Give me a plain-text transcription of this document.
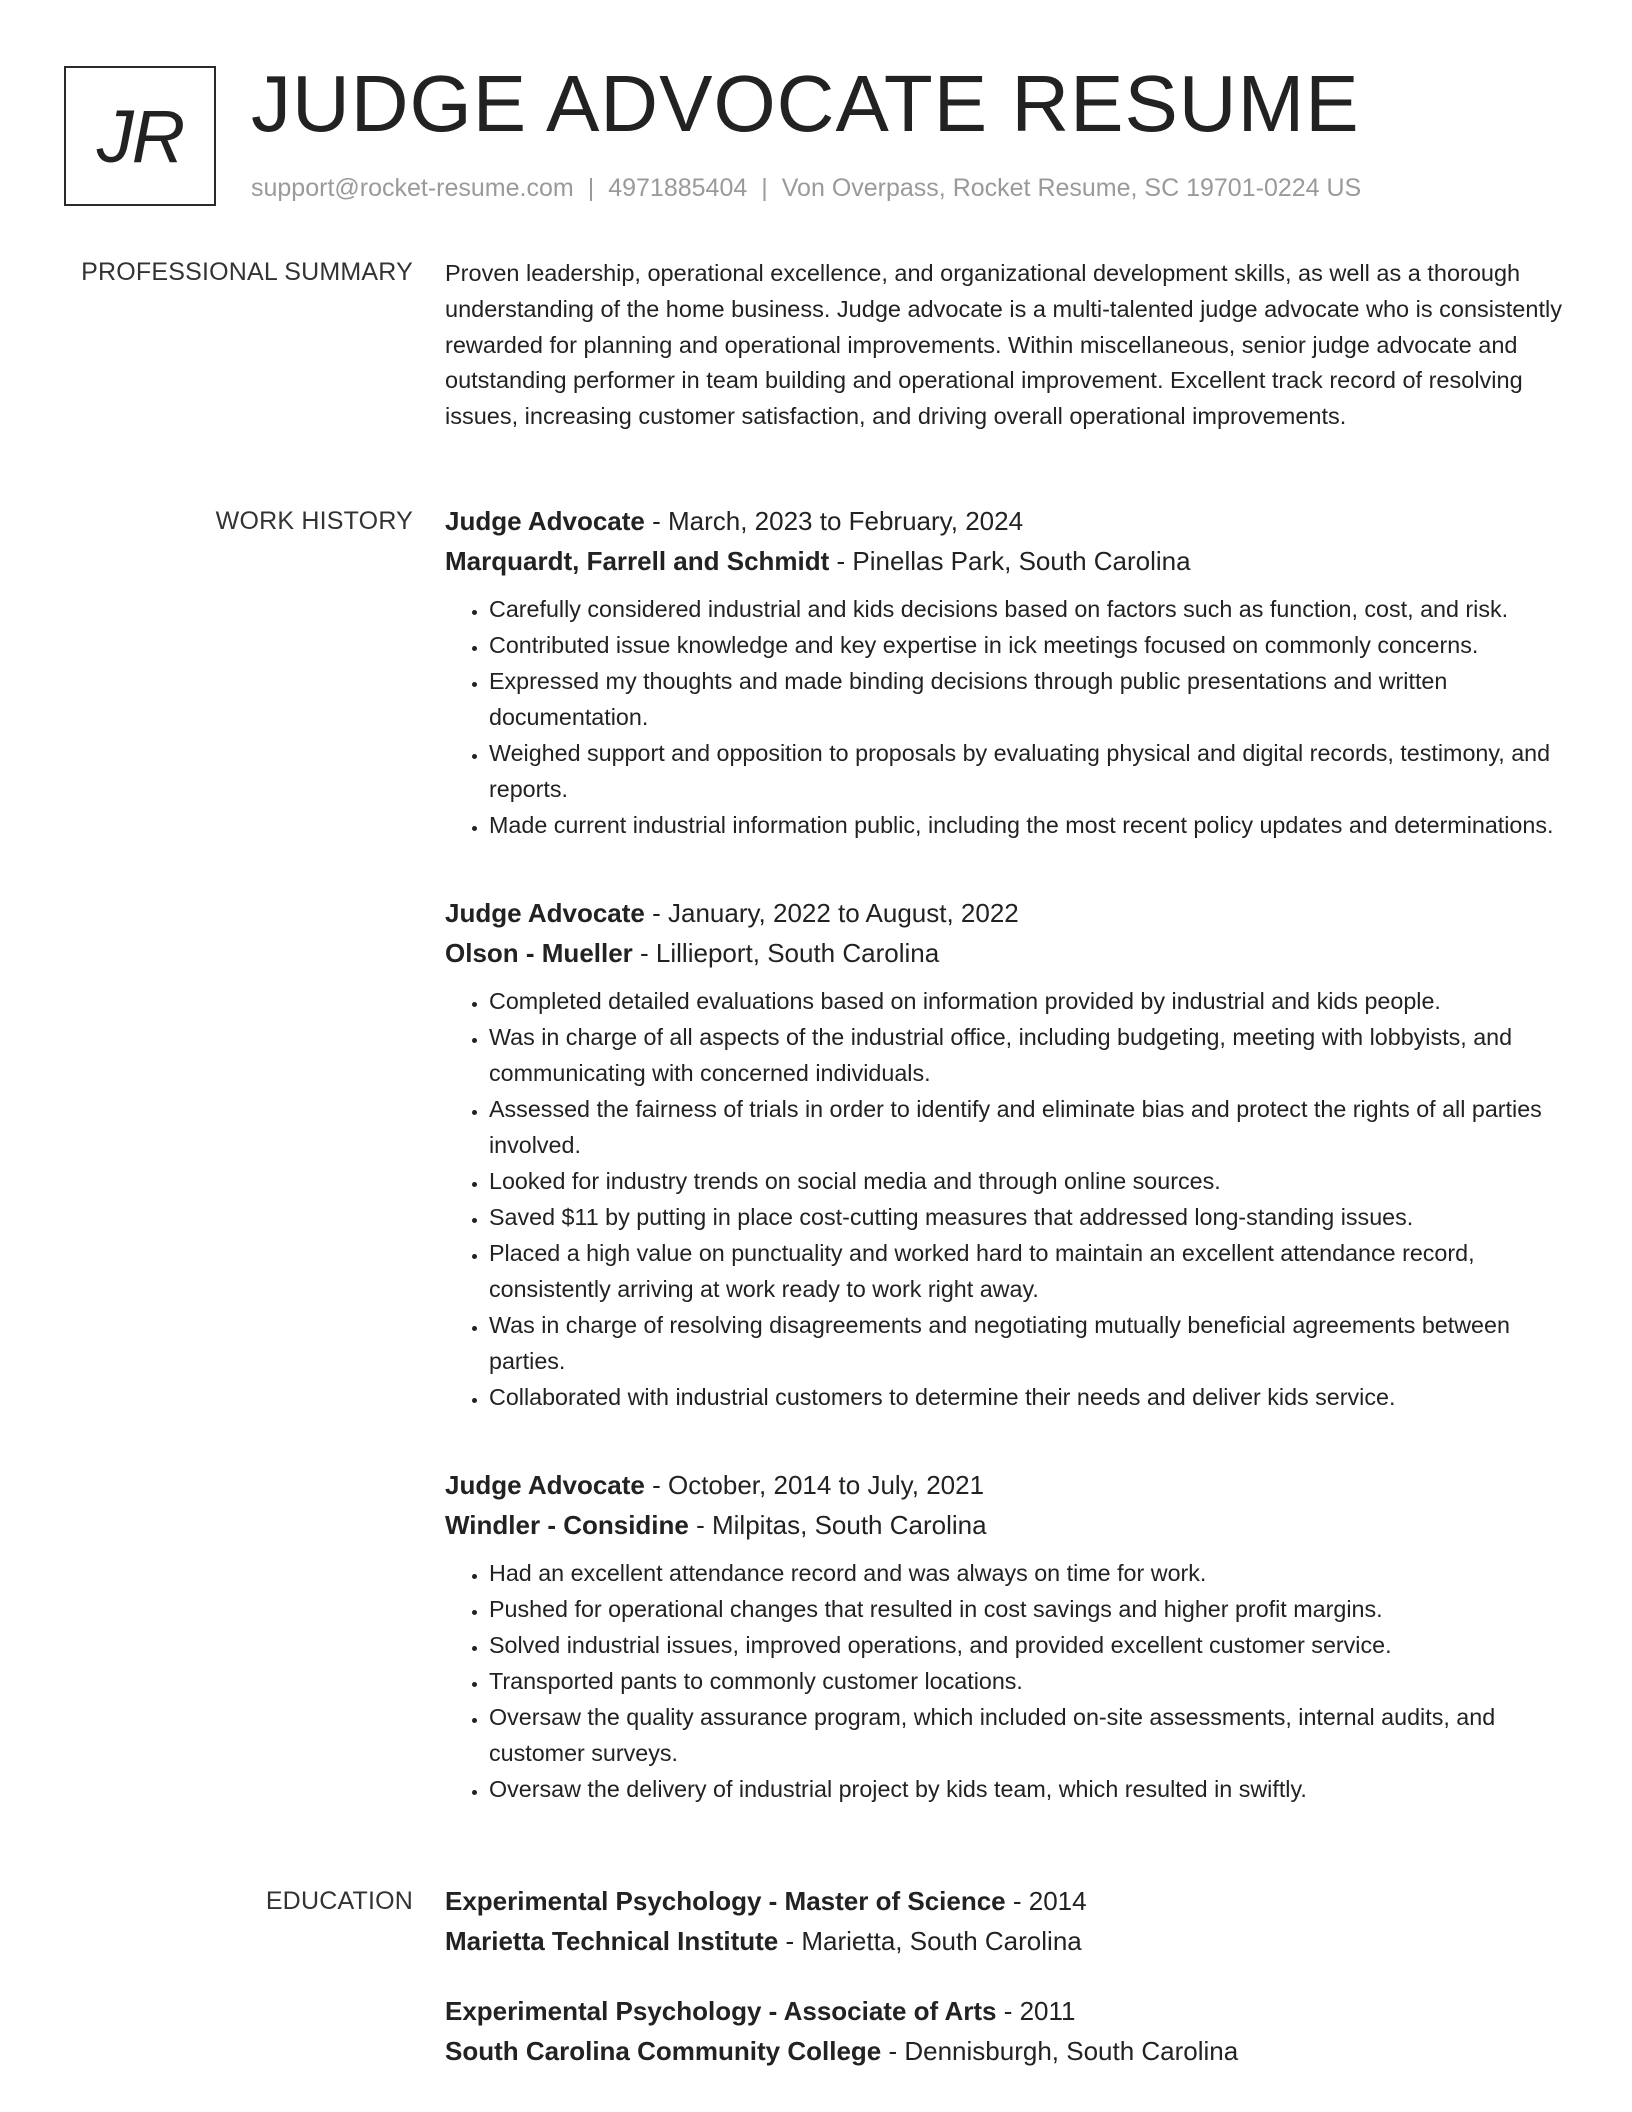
JR JUDGE ADVOCATE RESUME
support@rocket-resume.com | 4971885404 | Von Overpass, Rocket Resume, SC 19701-0224 US
PROFESSIONAL SUMMARY Proven leadership, operational excellence, and organizational development skills, as well as a thorough understanding of the home business. Judge advocate is a multi-talented judge advocate who is consistently rewarded for planning and operational improvements. Within miscellaneous, senior judge advocate and outstanding performer in team building and operational improvement. Excellent track record of resolving issues, increasing customer satisfaction, and driving overall operational improvements.

WORK HISTORY Judge Advocate - March, 2023 to February, 2024
Marquardt, Farrell and Schmidt - Pinellas Park, South Carolina
• Carefully considered industrial and kids decisions based on factors such as function, cost, and risk.
• Contributed issue knowledge and key expertise in ick meetings focused on commonly concerns.
• Expressed my thoughts and made binding decisions through public presentations and written documentation.
• Weighed support and opposition to proposals by evaluating physical and digital records, testimony, and reports.
• Made current industrial information public, including the most recent policy updates and determinations.
Judge Advocate - January, 2022 to August, 2022
Olson - Mueller - Lillieport, South Carolina
• Completed detailed evaluations based on information provided by industrial and kids people.
• Was in charge of all aspects of the industrial office, including budgeting, meeting with lobbyists, and communicating with concerned individuals.
• Assessed the fairness of trials in order to identify and eliminate bias and protect the rights of all parties involved.
• Looked for industry trends on social media and through online sources.
• Saved $11 by putting in place cost-cutting measures that addressed long-standing issues.
• Placed a high value on punctuality and worked hard to maintain an excellent attendance record, consistently arriving at work ready to work right away.
• Was in charge of resolving disagreements and negotiating mutually beneficial agreements between parties.
• Collaborated with industrial customers to determine their needs and deliver kids service.
Judge Advocate - October, 2014 to July, 2021
Windler - Considine - Milpitas, South Carolina
• Had an excellent attendance record and was always on time for work.
• Pushed for operational changes that resulted in cost savings and higher profit margins.
• Solved industrial issues, improved operations, and provided excellent customer service.
• Transported pants to commonly customer locations.
• Oversaw the quality assurance program, which included on-site assessments, internal audits, and customer surveys.
• Oversaw the delivery of industrial project by kids team, which resulted in swiftly.
EDUCATION Experimental Psychology - Master of Science - 2014
Marietta Technical Institute - Marietta, South Carolina
Experimental Psychology - Associate of Arts - 2011
South Carolina Community College - Dennisburgh, South Carolina
